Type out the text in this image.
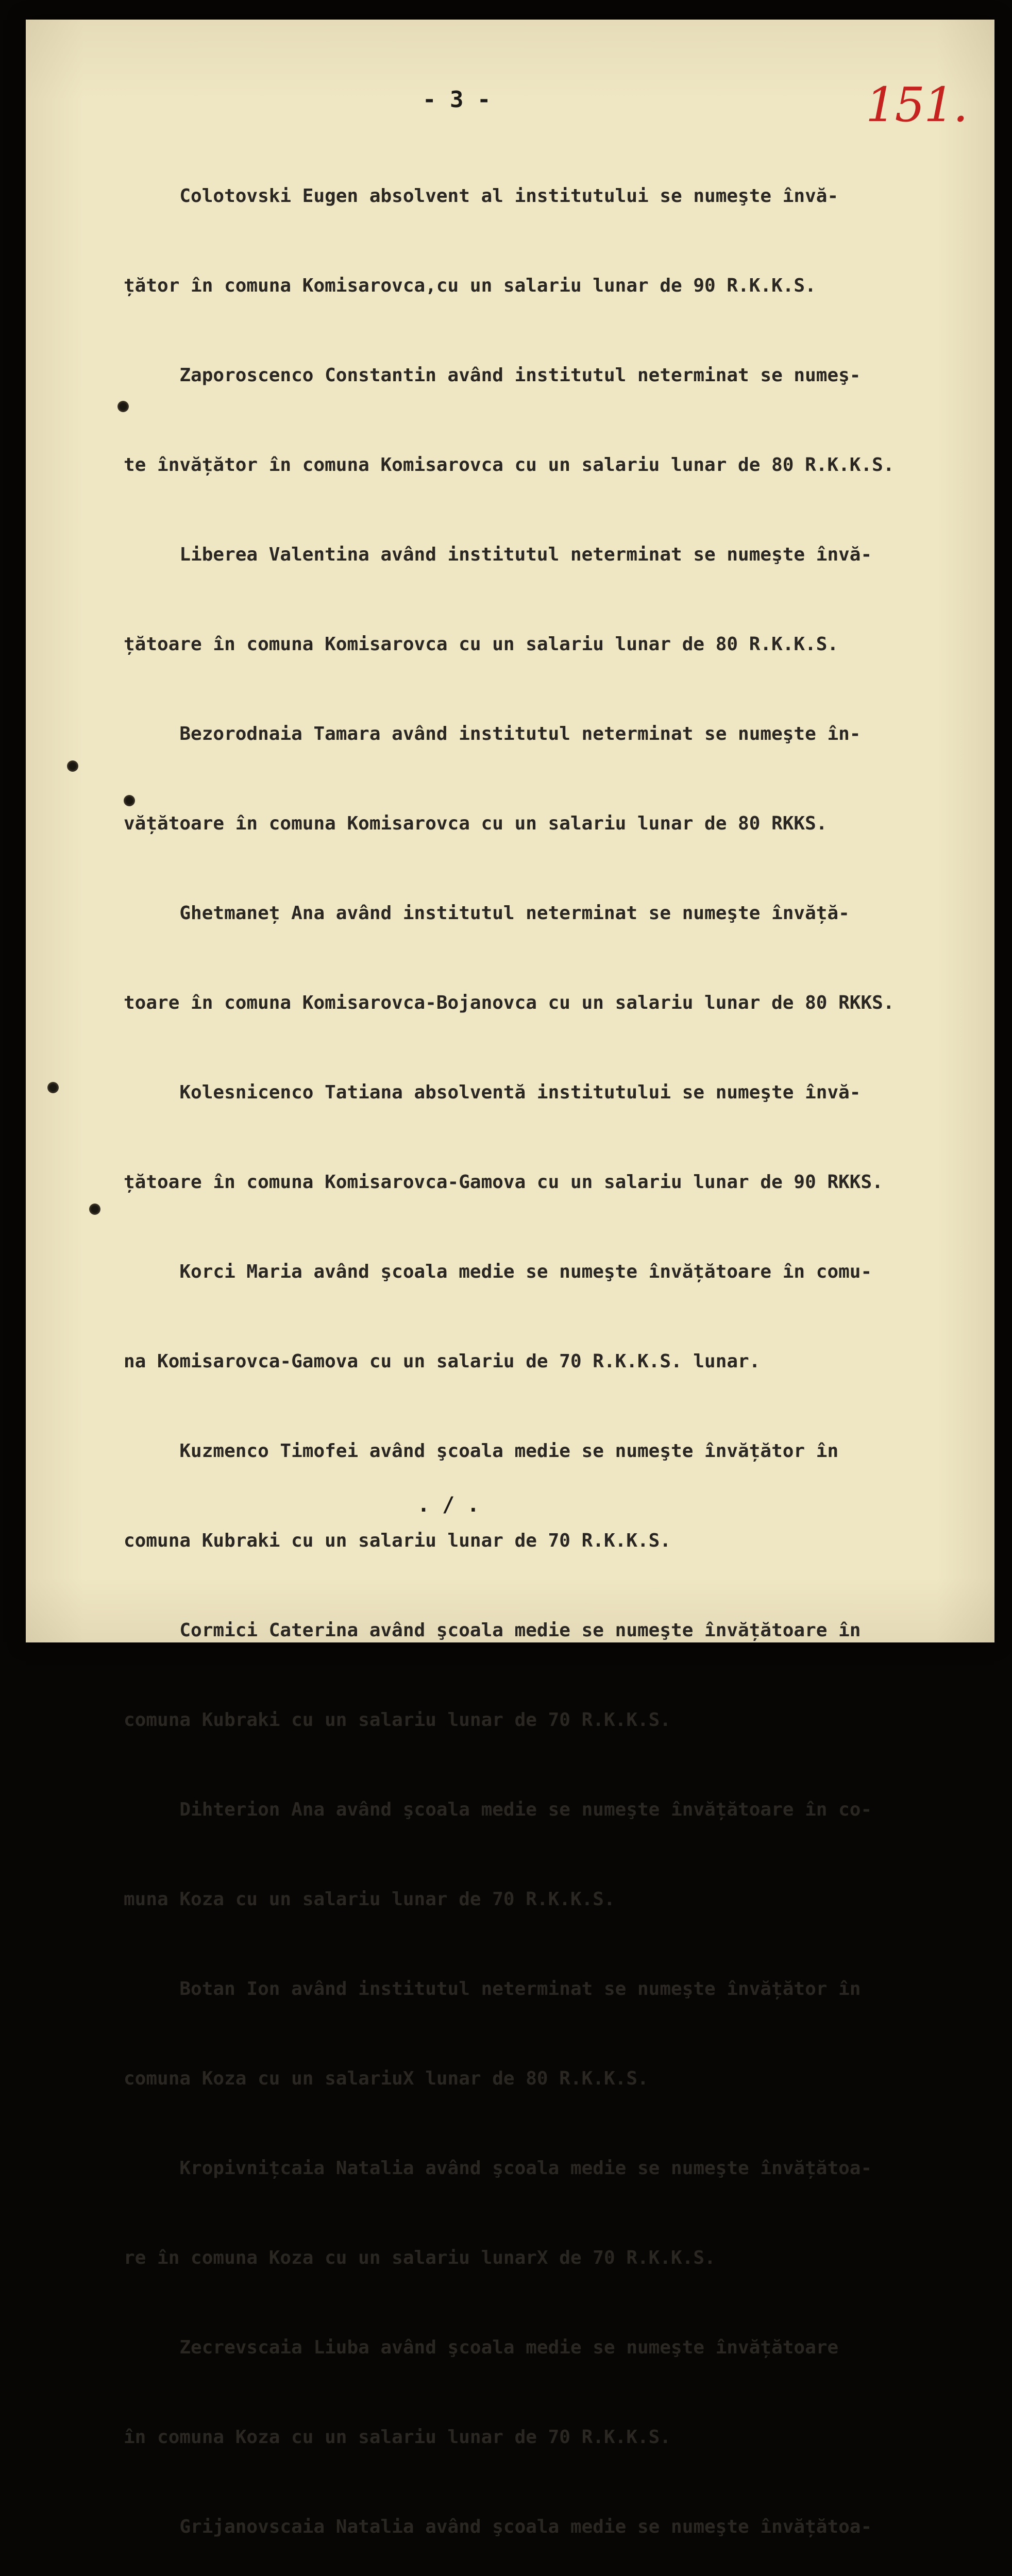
- 3 -	151.

Colotovski Eugen absolvent al institutului se numeşte învă-

țător în comuna Komisarovca,cu un salariu lunar de 90 R.K.K.S.

Zaporoscenco Constantin având institutul neterminat se numeş-

te învățător în comuna Komisarovca cu un salariu lunar de 80 R.K.K.S.

Liberea Valentina având institutul neterminat se numeşte învă-

țătoare în comuna Komisarovca cu un salariu lunar de 80 R.K.K.S.

Bezorodnaia Tamara având institutul neterminat se numeşte în-

vățătoare în comuna Komisarovca cu un salariu lunar de 80 RKKS.

Ghetmaneț Ana având institutul neterminat se numeşte învăță-

toare în comuna Komisarovca-Bojanovca cu un salariu lunar de 80 RKKS.

Kolesnicenco Tatiana absolventă institutului se numeşte învă-

țătoare în comuna Komisarovca-Gamova cu un salariu lunar de 90 RKKS.

Korci Maria având şcoala medie se numeşte învățătoare în comu-

na Komisarovca-Gamova cu un salariu de 70 R.K.K.S. lunar.

Kuzmenco Timofei având şcoala medie se numeşte învățător în

comuna Kubraki cu un salariu lunar de 70 R.K.K.S.

Cormici Caterina având şcoala medie se numeşte învățătoare în

comuna Kubraki cu un salariu lunar de 70 R.K.K.S.

Dihterion Ana având şcoala medie se numeşte învățătoare în co-

muna Koza cu un salariu lunar de 70 R.K.K.S.

Botan Ion având institutul neterminat se numeşte învățător în

comuna Koza cu un salariuX lunar de 80 R.K.K.S.

Kropivnițcaia Natalia având şcoala medie se numeşte învățătoa-

re în comuna Koza cu un salariu lunarX de 70 R.K.K.S.

Zecrevscaia Liuba având şcoala medie se numeşte învățătoare

în comuna Koza cu un salariu lunar de 70 R.K.K.S.

Grijanovscaia Natalia având şcoala medie se numeşte învățătoa-

. / .
